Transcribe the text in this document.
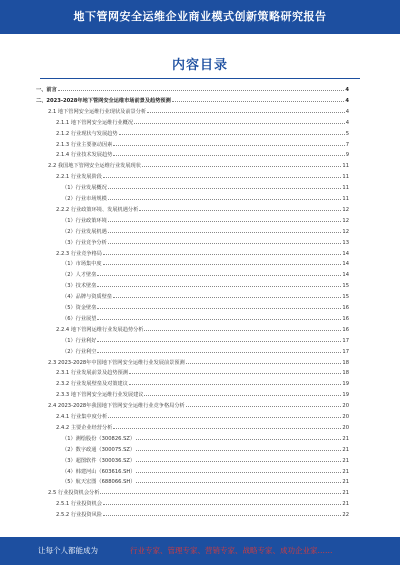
地下管网安全运维企业商业模式创新策略研究报告
内容目录
一、前言	4
二、2023-2028年地下管网安全运维市场前景及趋势预测	4
2.1 地下管网安全运维行业现状及前景分析	4
2.1.1 地下管网安全运维行业概况	4
2.1.2 行业现状与发展趋势	5
2.1.3 行业主要驱动因素	7
2.1.4 行业技术发展趋势	9
2.2 我国地下管网安全运维行业发展现状	11
2.2.1 行业发展阶段	11
（1）行业发展概况	11
（2）行业市场规模	11
2.2.2 行业政策环境、发展机遇分析	12
（1）行业政策环境	12
（2）行业发展机遇	12
（3）行业竞争分析	13
2.2.3 行业竞争格局	14
（1）市场集中度	14
（2）人才壁垒	14
（3）技术壁垒	15
（4）品牌与资质壁垒	15
（5）资金壁垒	16
（6）行业展望	16
2.2.4 地下管网运维行业发展趋势分析	16
（1）行业利好	17
（2）行业利空	17
2.3 2023-2028年中国地下管网安全运维行业发展前景预测	18
2.3.1 行业发展前景及趋势预测	18
2.3.2 行业发展壁垒及对策建议	19
2.3.3 地下管网安全运维行业发展建议	19
2.4 2023-2028年我国地下管网安全运维行业竞争格局分析	20
2.4.1 行业集中度分析	20
2.4.2 主要企业经营分析	20
（1）测绘股份（300826.SZ）	21
（2）数字政通（300075.SZ）	21
（3）超图软件（300036.SZ）	21
（4）韩建河山（603616.SH）	21
（5）航天宏图（688066.SH）	21
2.5 行业投资机会分析	21
2.5.1 行业投资机会	21
2.5.2 行业投资风险	22
让每个人都能成为	行业专家、管理专家、营销专家、战略专家、成功企业家……
